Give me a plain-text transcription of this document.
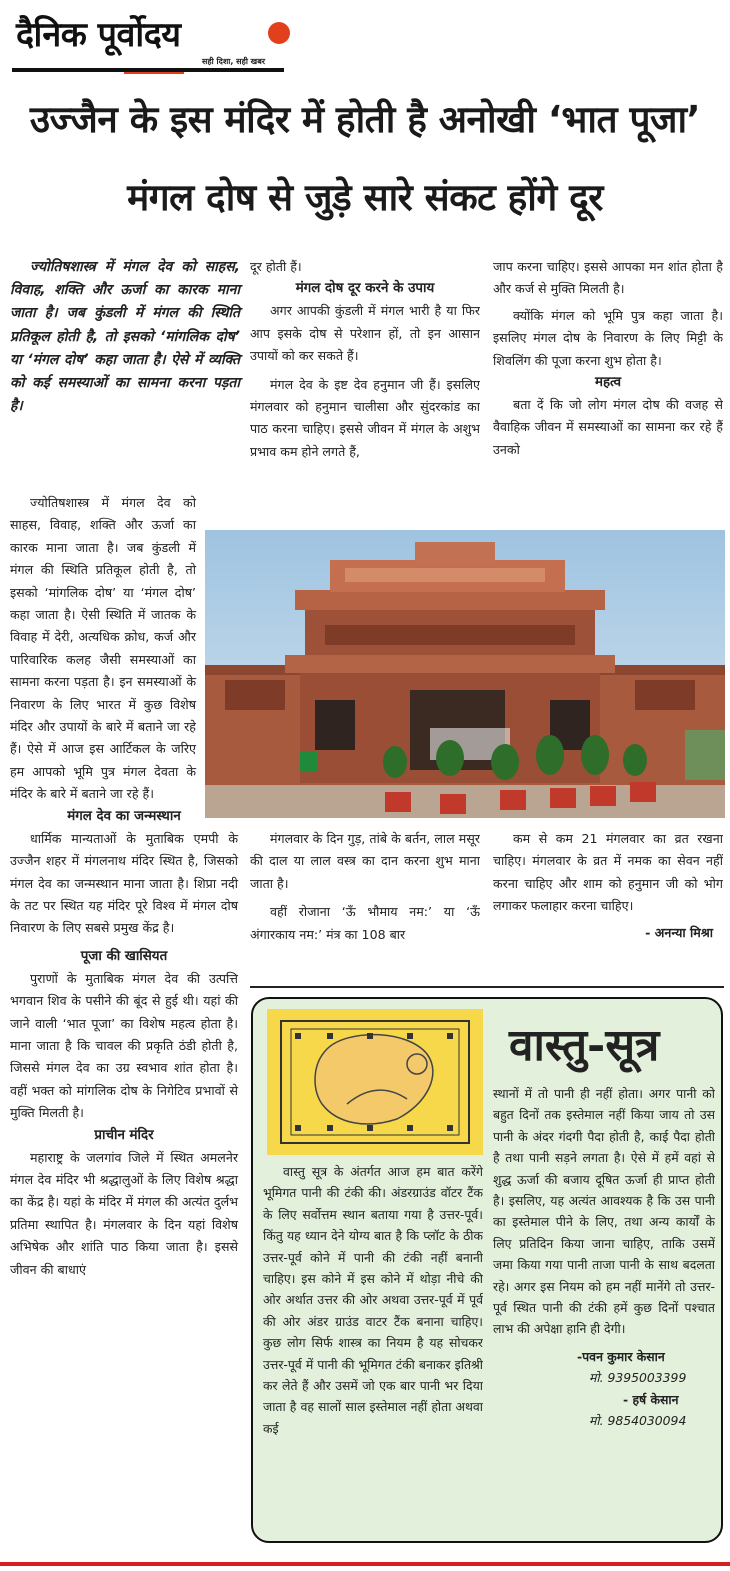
दैनिक पूर्वोदय
सही दिशा, सही खबर
उज्जैन के इस मंदिर में होती है अनोखी ‘भात पूजा’
मंगल दोष से जुड़े सारे संकट होंगे दूर

ज्योतिषशास्त्र में मंगल देव को साहस, विवाह, शक्ति और ऊर्जा का कारक माना जाता है। जब कुंडली में मंगल की स्थिति प्रतिकूल होती है, तो इसको ‘मांगलिक दोष’ या ‘मंगल दोष’ कहा जाता है। ऐसे में व्यक्ति को कई समस्याओं का सामना करना पड़ता है।

ज्योतिषशास्त्र में मंगल देव को साहस, विवाह, शक्ति और ऊर्जा का कारक माना जाता है। जब कुंडली में मंगल की स्थिति प्रतिकूल होती है, तो इसको ‘मांगलिक दोष’ या ‘मंगल दोष’ कहा जाता है। ऐसी स्थिति में जातक के विवाह में देरी, अत्यधिक क्रोध, कर्ज और पारिवारिक कलह जैसी समस्याओं का सामना करना पड़ता है। इन समस्याओं के निवारण के लिए भारत में कुछ विशेष मंदिर और उपायों के बारे में बताने जा रहे हैं। ऐसे में आज इस आर्टिकल के जरिए हम आपको भूमि पुत्र मंगल देवता के मंदिर के बारे में बताने जा रहे हैं।

मंगल देव का जन्मस्थान

धार्मिक मान्यताओं के मुताबिक एमपी के उज्जैन शहर में मंगलनाथ मंदिर स्थित है, जिसको मंगल देव का जन्मस्थान माना जाता है। शिप्रा नदी के तट पर स्थित यह मंदिर पूरे विश्व में मंगल दोष निवारण के लिए सबसे प्रमुख केंद्र है।

पूजा की खासियत

पुराणों के मुताबिक मंगल देव की उत्पत्ति भगवान शिव के पसीने की बूंद से हुई थी। यहां की जाने वाली ‘भात पूजा’ का विशेष महत्व होता है। माना जाता है कि चावल की प्रकृति ठंडी होती है, जिससे मंगल देव का उग्र स्वभाव शांत होता है। वहीं भक्त को मांगलिक दोष के निगेटिव प्रभावों से मुक्ति मिलती है।

प्राचीन मंदिर

महाराष्ट्र के जलगांव जिले में स्थित अमलनेर मंगल देव मंदिर भी श्रद्धालुओं के लिए विशेष श्रद्धा का केंद्र है। यहां के मंदिर में मंगल की अत्यंत दुर्लभ प्रतिमा स्थापित है। मंगलवार के दिन यहां विशेष अभिषेक और शांति पाठ किया जाता है। इससे जीवन की बाधाएं

दूर होती हैं।
मंगल दोष दूर करने के उपाय

अगर आपकी कुंडली में मंगल भारी है या फिर आप इसके दोष से परेशान हों, तो इन आसान उपायों को कर सकते हैं।

मंगल देव के इष्ट देव हनुमान जी हैं। इसलिए मंगलवार को हनुमान चालीसा और सुंदरकांड का पाठ करना चाहिए। इससे जीवन में मंगल के अशुभ प्रभाव कम होने लगते हैं,

जाप करना चाहिए। इससे आपका मन शांत होता है और कर्ज से मुक्ति मिलती है।

क्योंकि मंगल को भूमि पुत्र कहा जाता है। इसलिए मंगल दोष के निवारण के लिए मिट्टी के शिवलिंग की पूजा करना शुभ होता है।

महत्व

बता दें कि जो लोग मंगल दोष की वजह से वैवाहिक जीवन में समस्याओं का सामना कर रहे हैं उनको

मंगलवार के दिन गुड़, तांबे के बर्तन, लाल मसूर की दाल या लाल वस्त्र का दान करना शुभ माना जाता है।

वहीं रोजाना ‘ऊँ भौमाय नम:’ या ‘ऊँ अंगारकाय नम:’ मंत्र का 108 बार

कम से कम 21 मंगलवार का व्रत रखना चाहिए। मंगलवार के व्रत में नमक का सेवन नहीं करना चाहिए और शाम को हनुमान जी को भोग लगाकर फलाहार करना चाहिए।

- अनन्या मिश्रा
वास्तु-सूत्र

वास्तु सूत्र के अंतर्गत आज हम बात करेंगे भूमिगत पानी की टंकी की। अंडरग्राउंड वॉटर टैंक के लिए सर्वोत्तम स्थान बताया गया है उत्तर-पूर्व। किंतु यह ध्यान देने योग्य बात है कि प्लॉट के ठीक उत्तर-पूर्व कोने में पानी की टंकी नहीं बनानी चाहिए। इस कोने में इस कोने में थोड़ा नीचे की ओर अर्थात उत्तर की ओर अथवा उत्तर-पूर्व में पूर्व की ओर अंडर ग्राउंड वाटर टैंक बनाना चाहिए। कुछ लोग सिर्फ शास्त्र का नियम है यह सोचकर उत्तर-पूर्व में पानी की भूमिगत टंकी बनाकर इतिश्री कर लेते हैं और उसमें जो एक बार पानी भर दिया जाता है वह सालों साल इस्तेमाल नहीं होता अथवा कई

स्थानों में तो पानी ही नहीं होता। अगर पानी को बहुत दिनों तक इस्तेमाल नहीं किया जाय तो उस पानी के अंदर गंदगी पैदा होती है, काई पैदा होती है तथा पानी सड़ने लगता है। ऐसे में हमें वहां से शुद्ध ऊर्जा की बजाय दूषित ऊर्जा ही प्राप्त होती है। इसलिए, यह अत्यंत आवश्यक है कि उस पानी का इस्तेमाल पीने के लिए, तथा अन्य कार्यों के लिए प्रतिदिन किया जाना चाहिए, ताकि उसमें जमा किया गया पानी ताजा पानी के साथ बदलता रहे। अगर इस नियम को हम नहीं मानेंगे तो उत्तर-पूर्व स्थित पानी की टंकी हमें कुछ दिनों पश्चात लाभ की अपेक्षा हानि ही देगी।

-पवन कुमार केसान
मो. 9395003399
- हर्ष केसान
मो. 9854030094
